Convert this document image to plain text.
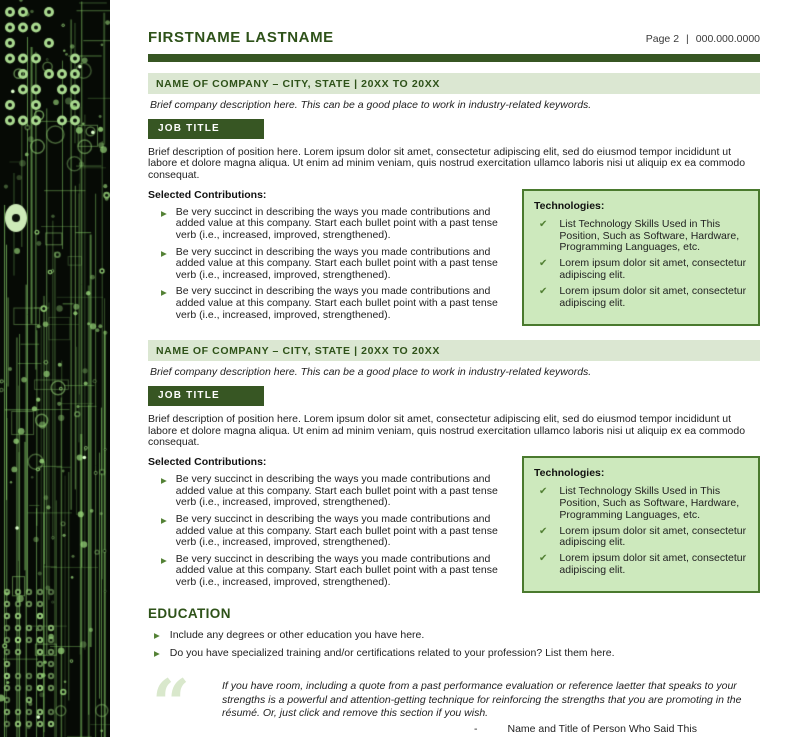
FIRSTNAME LASTNAME	Page 2 | 000.000.0000
NAME OF COMPANY – CITY, STATE | 20XX TO 20XX
Brief company description here. This can be a good place to work in industry-related keywords.
JOB TITLE
Brief description of position here. Lorem ipsum dolor sit amet, consectetur adipiscing elit, sed do eiusmod tempor incididunt ut labore et dolore magna aliqua. Ut enim ad minim veniam, quis nostrud exercitation ullamco laboris nisi ut aliquip ex ea commodo consequat.
Selected Contributions:
▶ Be very succinct in describing the ways you made contributions and added value at this company. Start each bullet point with a past tense verb (i.e., increased, improved, strengthened).
▶ Be very succinct in describing the ways you made contributions and added value at this company. Start each bullet point with a past tense verb (i.e., increased, improved, strengthened).
▶ Be very succinct in describing the ways you made contributions and added value at this company. Start each bullet point with a past tense verb (i.e., increased, improved, strengthened).
Technologies:
✔ List Technology Skills Used in This Position, Such as Software, Hardware, Programming Languages, etc.
✔ Lorem ipsum dolor sit amet, consectetur adipiscing elit.
✔ Lorem ipsum dolor sit amet, consectetur adipiscing elit.
NAME OF COMPANY – CITY, STATE | 20XX TO 20XX
Brief company description here. This can be a good place to work in industry-related keywords.
JOB TITLE
Brief description of position here. Lorem ipsum dolor sit amet, consectetur adipiscing elit, sed do eiusmod tempor incididunt ut labore et dolore magna aliqua. Ut enim ad minim veniam, quis nostrud exercitation ullamco laboris nisi ut aliquip ex ea commodo consequat.
Selected Contributions:
▶ Be very succinct in describing the ways you made contributions and added value at this company. Start each bullet point with a past tense verb (i.e., increased, improved, strengthened).
▶ Be very succinct in describing the ways you made contributions and added value at this company. Start each bullet point with a past tense verb (i.e., increased, improved, strengthened).
▶ Be very succinct in describing the ways you made contributions and added value at this company. Start each bullet point with a past tense verb (i.e., increased, improved, strengthened).
Technologies:
✔ List Technology Skills Used in This Position, Such as Software, Hardware, Programming Languages, etc.
✔ Lorem ipsum dolor sit amet, consectetur adipiscing elit.
✔ Lorem ipsum dolor sit amet, consectetur adipiscing elit.
EDUCATION
▶ Include any degrees or other education you have here.
▶ Do you have specialized training and/or certifications related to your profession? List them here.
“	If you have room, including a quote from a past performance evaluation or reference laetter that speaks to your strengths is a powerful and attention-getting technique for reinforcing the strengths that you are promoting in the résumé. Or, just click and remove this section if you wish.
-	Name and Title of Person Who Said This
